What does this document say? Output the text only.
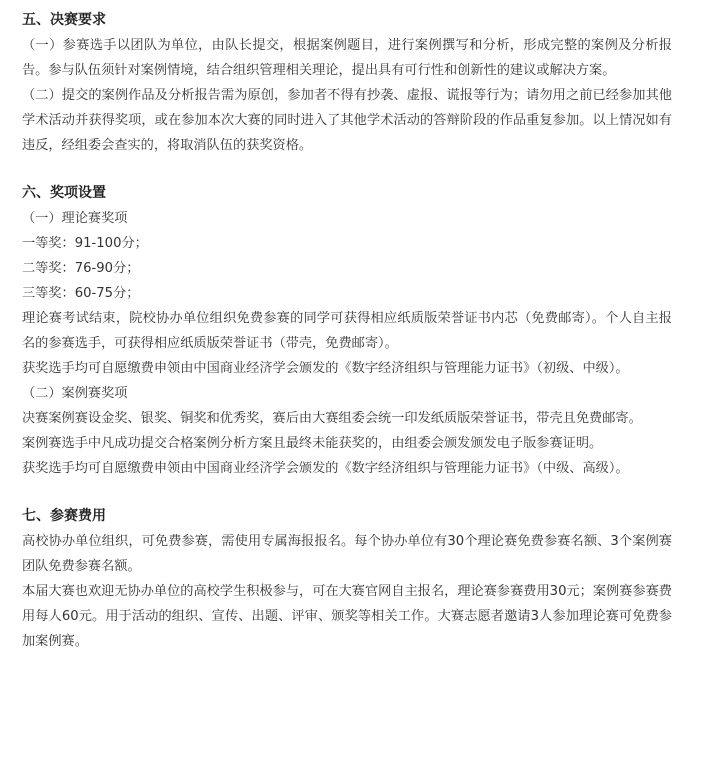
五、决赛要求

（一）参赛选手以团队为单位，由队长提交，根据案例题目，进行案例撰写和分析，形成完整的案例及分析报告。参与队伍须针对案例情境，结合组织管理相关理论，提出具有可行性和创新性的建议或解决方案。

（二）提交的案例作品及分析报告需为原创，参加者不得有抄袭、虚报、谎报等行为；请勿用之前已经参加其他学术活动并获得奖项，或在参加本次大赛的同时进入了其他学术活动的答辩阶段的作品重复参加。以上情况如有违反，经组委会查实的，将取消队伍的获奖资格。

六、奖项设置

（一）理论赛奖项

一等奖：91-100分；

二等奖：76-90分；

三等奖：60-75分；

理论赛考试结束，院校协办单位组织免费参赛的同学可获得相应纸质版荣誉证书内芯（免费邮寄）。个人自主报名的参赛选手，可获得相应纸质版荣誉证书（带壳，免费邮寄）。

获奖选手均可自愿缴费申领由中国商业经济学会颁发的《数字经济组织与管理能力证书》（初级、中级）。

（二）案例赛奖项

决赛案例赛设金奖、银奖、铜奖和优秀奖，赛后由大赛组委会统一印发纸质版荣誉证书，带壳且免费邮寄。

案例赛选手中凡成功提交合格案例分析方案且最终未能获奖的，由组委会颁发颁发电子版参赛证明。

获奖选手均可自愿缴费申领由中国商业经济学会颁发的《数字经济组织与管理能力证书》（中级、高级）。

七、参赛费用

高校协办单位组织，可免费参赛，需使用专属海报报名。每个协办单位有30个理论赛免费参赛名额、3个案例赛团队免费参赛名额。

本届大赛也欢迎无协办单位的高校学生积极参与，可在大赛官网自主报名，理论赛参赛费用30元；案例赛参赛费用每人60元。用于活动的组织、宣传、出题、评审、颁奖等相关工作。大赛志愿者邀请3人参加理论赛可免费参加案例赛。
